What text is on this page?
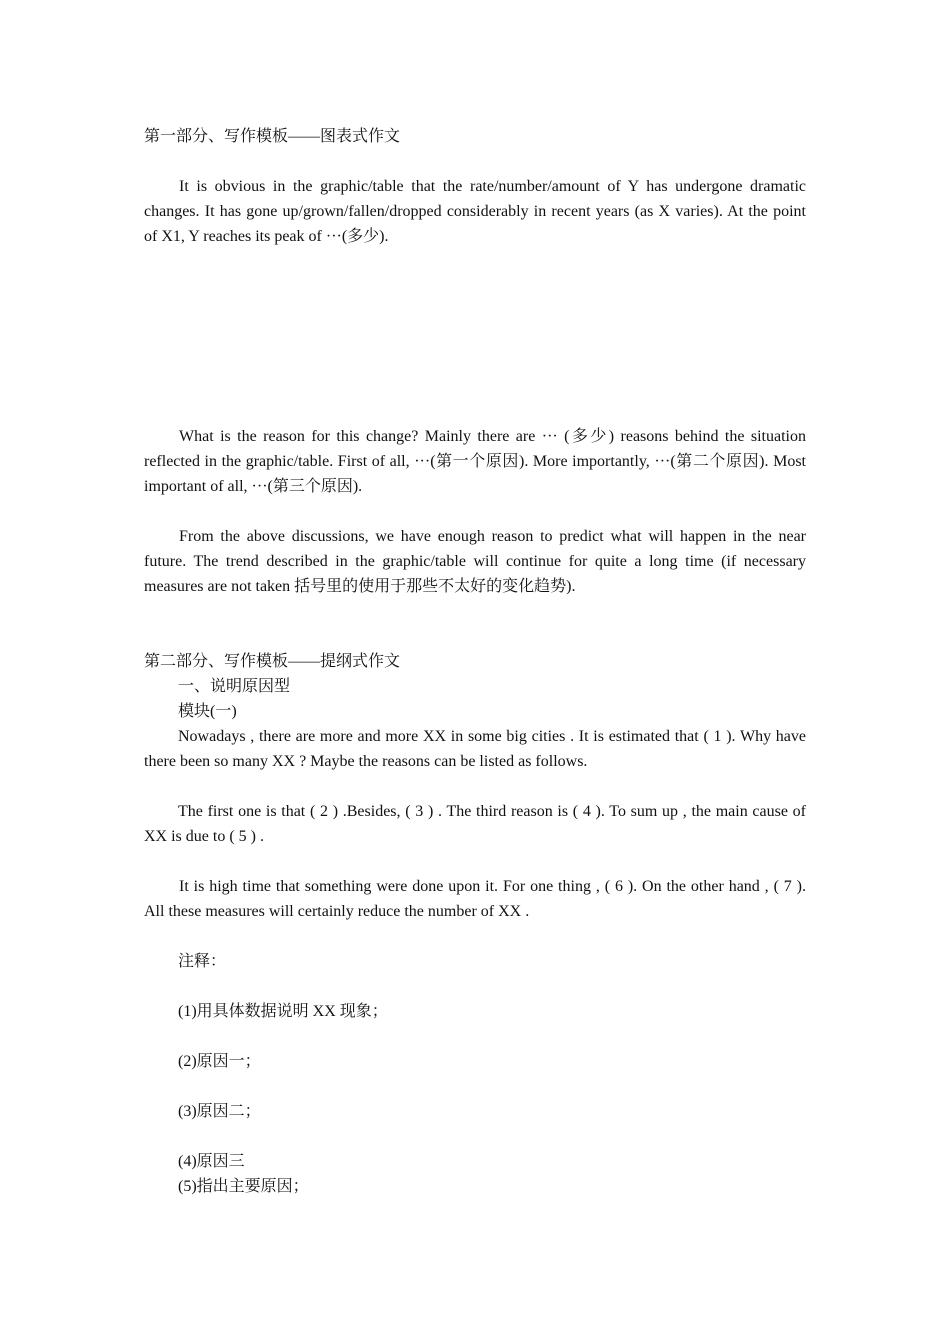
第一部分、写作模板——图表式作文

It is obvious in the graphic/table that the rate/number/amount of Y has undergone dramatic changes. It has gone up/grown/fallen/dropped considerably in recent years (as X varies). At the point of X1, Y reaches its peak of ···(多少).

What is the reason for this change? Mainly there are ··· (多少) reasons behind the situation reflected in the graphic/table. First of all, ···(第一个原因). More importantly, ···(第二个原因). Most important of all, ···(第三个原因).

From the above discussions, we have enough reason to predict what will happen in the near future. The trend described in the graphic/table will continue for quite a long time (if necessary measures are not taken 括号里的使用于那些不太好的变化趋势).

第二部分、写作模板——提纲式作文

一、说明原因型

模块(一)

Nowadays , there are more and more XX in some big cities . It is estimated that ( 1 ). Why have there been so many XX ? Maybe the reasons can be listed as follows.

The first one is that ( 2 ) .Besides, ( 3 ) . The third reason is ( 4 ). To sum up , the main cause of XX is due to ( 5 ) .

It is high time that something were done upon it. For one thing , ( 6 ). On the other hand , ( 7 ). All these measures will certainly reduce the number of XX .

注释：

(1)用具体数据说明 XX 现象；

(2)原因一；

(3)原因二；

(4)原因三

(5)指出主要原因；
